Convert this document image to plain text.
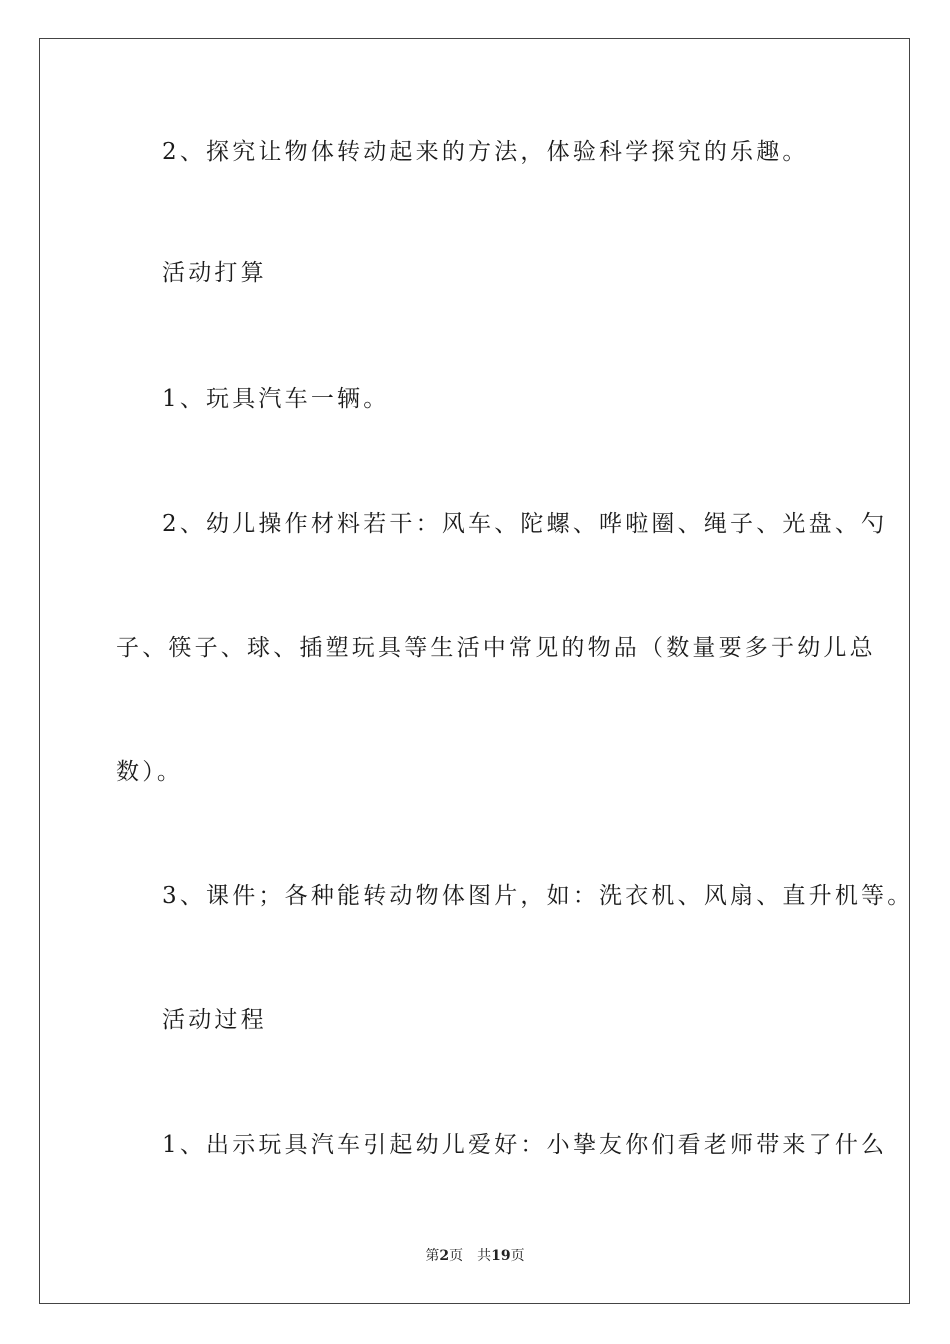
2、探究让物体转动起来的方法，体验科学探究的乐趣。
活动打算
1、玩具汽车一辆。
2、幼儿操作材料若干：风车、陀螺、哗啦圈、绳子、光盘、勺
子、筷子、球、插塑玩具等生活中常见的物品（数量要多于幼儿总
数）。
3、课件；各种能转动物体图片，如：洗衣机、风扇、直升机等。
活动过程
1、出示玩具汽车引起幼儿爱好：小挚友你们看老师带来了什么
第2页 共19页
